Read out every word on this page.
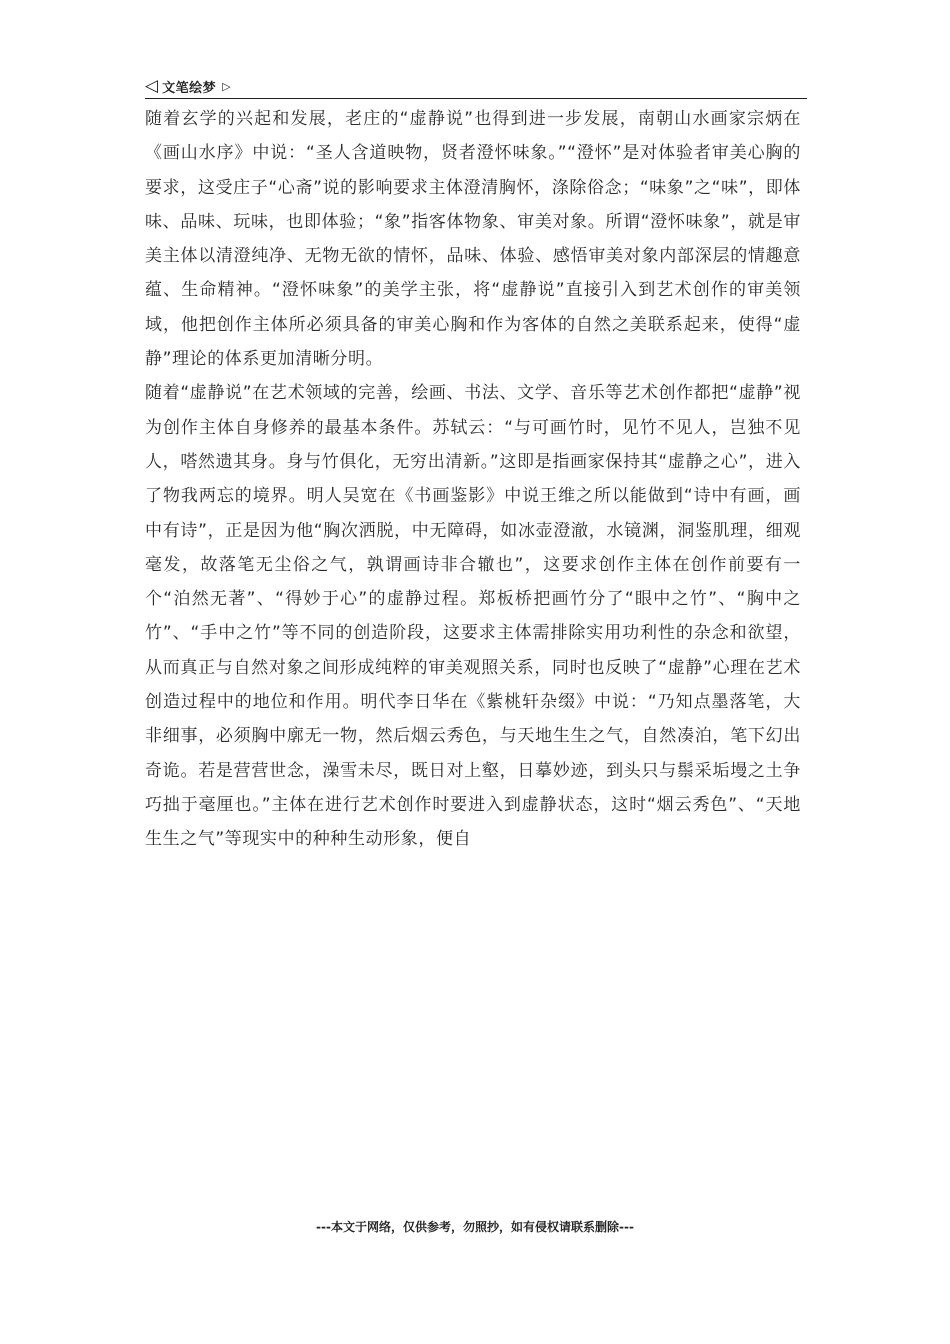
◁ 文笔绘梦 ▷

随着玄学的兴起和发展，老庄的“虚静说”也得到进一步发展，南朝山水画家宗炳在《画山水序》中说：“圣人含道映物，贤者澄怀味象。”“澄怀”是对体验者审美心胸的要求，这受庄子“心斋”说的影响要求主体澄清胸怀，涤除俗念；“味象”之“味”，即体味、品味、玩味，也即体验；“象”指客体物象、审美对象。所谓“澄怀味象”，就是审美主体以清澄纯净、无物无欲的情怀，品味、体验、感悟审美对象内部深层的情趣意蕴、生命精神。“澄怀味象”的美学主张，将“虚静说”直接引入到艺术创作的审美领域，他把创作主体所必须具备的审美心胸和作为客体的自然之美联系起来，使得“虚静”理论的体系更加清晰分明。

随着“虚静说”在艺术领域的完善，绘画、书法、文学、音乐等艺术创作都把“虚静”视为创作主体自身修养的最基本条件。苏轼云：“与可画竹时，见竹不见人，岂独不见人，嗒然遗其身。身与竹俱化，无穷出清新。”这即是指画家保持其“虚静之心”，进入了物我两忘的境界。明人吴宽在《书画鉴影》中说王维之所以能做到“诗中有画，画中有诗”，正是因为他“胸次洒脱，中无障碍，如冰壶澄澈，水镜渊，洞鉴肌理，细观毫发，故落笔无尘俗之气，孰谓画诗非合辙也”，这要求创作主体在创作前要有一个“泊然无著”、“得妙于心”的虚静过程。郑板桥把画竹分了“眼中之竹”、“胸中之竹”、“手中之竹”等不同的创造阶段，这要求主体需排除实用功利性的杂念和欲望，从而真正与自然对象之间形成纯粹的审美观照关系，同时也反映了“虚静”心理在艺术创造过程中的地位和作用。明代李日华在《紫桃轩杂缀》中说：“乃知点墨落笔，大非细事，必须胸中廓无一物，然后烟云秀色，与天地生生之气，自然凑泊，笔下幻出奇诡。若是营营世念，澡雪未尽，既日对上壑，日摹妙迹，到头只与鬃采垢墁之土争巧拙于毫厘也。”主体在进行艺术创作时要进入到虚静状态，这时“烟云秀色”、“天地生生之气”等现实中的种种生动形象，便自

---本文于网络，仅供参考，勿照抄，如有侵权请联系删除---
